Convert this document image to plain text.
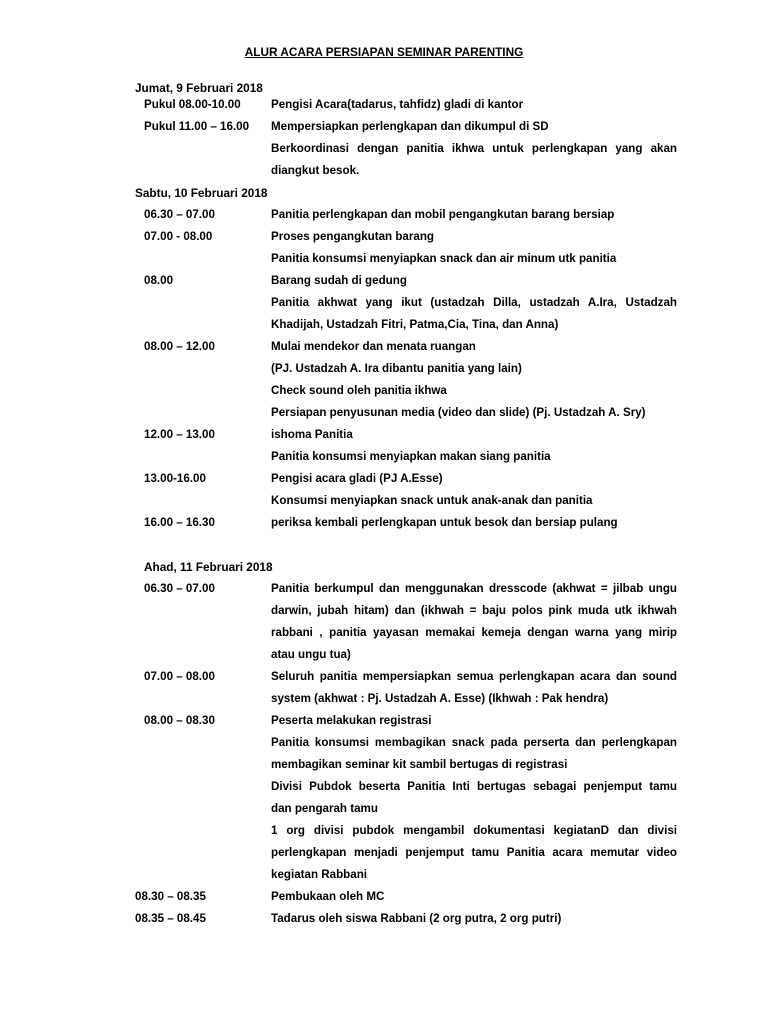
ALUR ACARA PERSIAPAN SEMINAR PARENTING
Jumat, 9 Februari 2018
Pukul 08.00-10.00	Pengisi Acara(tadarus, tahfidz) gladi di kantor
Pukul 11.00 – 16.00 Mempersiapkan perlengkapan dan dikumpul di SD
Berkoordinasi dengan panitia ikhwa untuk perlengkapan yang akan
diangkut besok.
Sabtu, 10 Februari 2018
06.30 – 07.00	Panitia perlengkapan dan mobil pengangkutan barang bersiap
07.00 - 08.00	Proses pengangkutan barang
Panitia konsumsi menyiapkan snack dan air minum utk panitia
08.00	Barang sudah di gedung
Panitia akhwat yang ikut (ustadzah Dilla, ustadzah A.Ira, Ustadzah
Khadijah, Ustadzah Fitri, Patma,Cia, Tina, dan Anna)
08.00 – 12.00	Mulai mendekor dan menata ruangan
(PJ. Ustadzah A. Ira dibantu panitia yang lain)
Check sound oleh panitia ikhwa
Persiapan penyusunan media (video dan slide) (Pj. Ustadzah A. Sry)
12.00 – 13.00	ishoma Panitia
Panitia konsumsi menyiapkan makan siang panitia
13.00-16.00	Pengisi acara gladi (PJ A.Esse)
Konsumsi menyiapkan snack untuk anak-anak dan panitia
16.00 – 16.30	periksa kembali perlengkapan untuk besok dan bersiap pulang
Ahad, 11 Februari 2018
06.30 – 07.00	Panitia berkumpul dan menggunakan dresscode (akhwat = jilbab ungu
darwin, jubah hitam) dan (ikhwah = baju polos pink muda utk ikhwah
rabbani , panitia yayasan memakai kemeja dengan warna yang mirip
atau ungu tua)
07.00 – 08.00	Seluruh panitia mempersiapkan semua perlengkapan acara dan sound
system (akhwat : Pj. Ustadzah A. Esse) (Ikhwah : Pak hendra)
08.00 – 08.30	Peserta melakukan registrasi
Panitia konsumsi membagikan snack pada perserta dan perlengkapan
membagikan seminar kit sambil bertugas di registrasi
Divisi Pubdok beserta Panitia Inti bertugas sebagai penjemput tamu
dan pengarah tamu
1 org divisi pubdok mengambil dokumentasi kegiatanD dan divisi
perlengkapan menjadi penjemput tamu Panitia acara memutar video
kegiatan Rabbani
08.30 – 08.35	Pembukaan oleh MC
08.35 – 08.45	Tadarus oleh siswa Rabbani (2 org putra, 2 org putri)
